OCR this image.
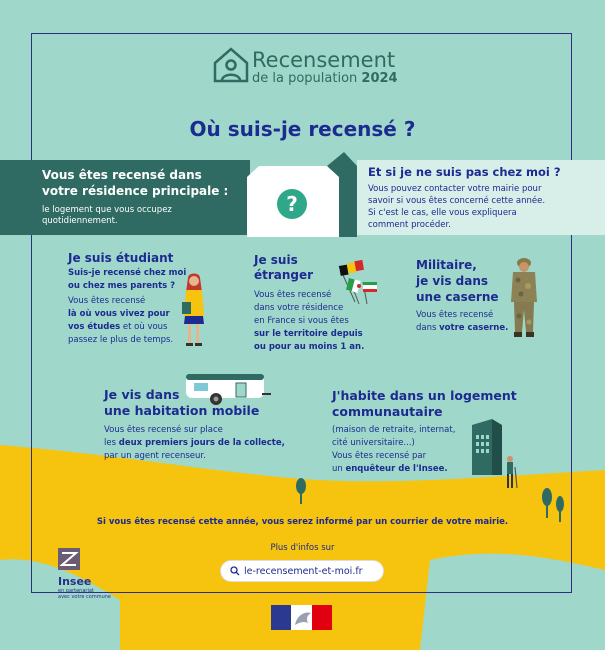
Recensement
de la population 2024
Où suis-je recensé ?
?
Vous êtes recensé dans
votre résidence principale :
le logement que vous occupez
quotidiennement.
Et si je ne suis pas chez moi ?
Vous pouvez contacter votre mairie pour
savoir si vous êtes concerné cette année.
Si c'est le cas, elle vous expliquera
comment procéder.
Je suis étudiant
Suis-je recensé chez moi
ou chez mes parents ?
Vous êtes recensé
là où vous vivez pour
vos études et où vous
passez le plus de temps.
Je suis
étranger
Vous êtes recensé
dans votre résidence
en France si vous êtes
sur le territoire depuis
ou pour au moins 1 an.
Militaire,
je vis dans
une caserne
Vous êtes recensé
dans votre caserne.
Je vis dans
une habitation mobile
Vous êtes recensé sur place
les deux premiers jours de la collecte,
par un agent recenseur.
J'habite dans un logement
communautaire
(maison de retraite, internat,
cité universitaire...)
Vous êtes recensé par
un enquêteur de l'Insee.
Si vous êtes recensé cette année, vous serez informé par un courrier de votre mairie.
Plus d'infos sur
le-recensement-et-moi.fr
Insee
en partenariat
avec votre commune
